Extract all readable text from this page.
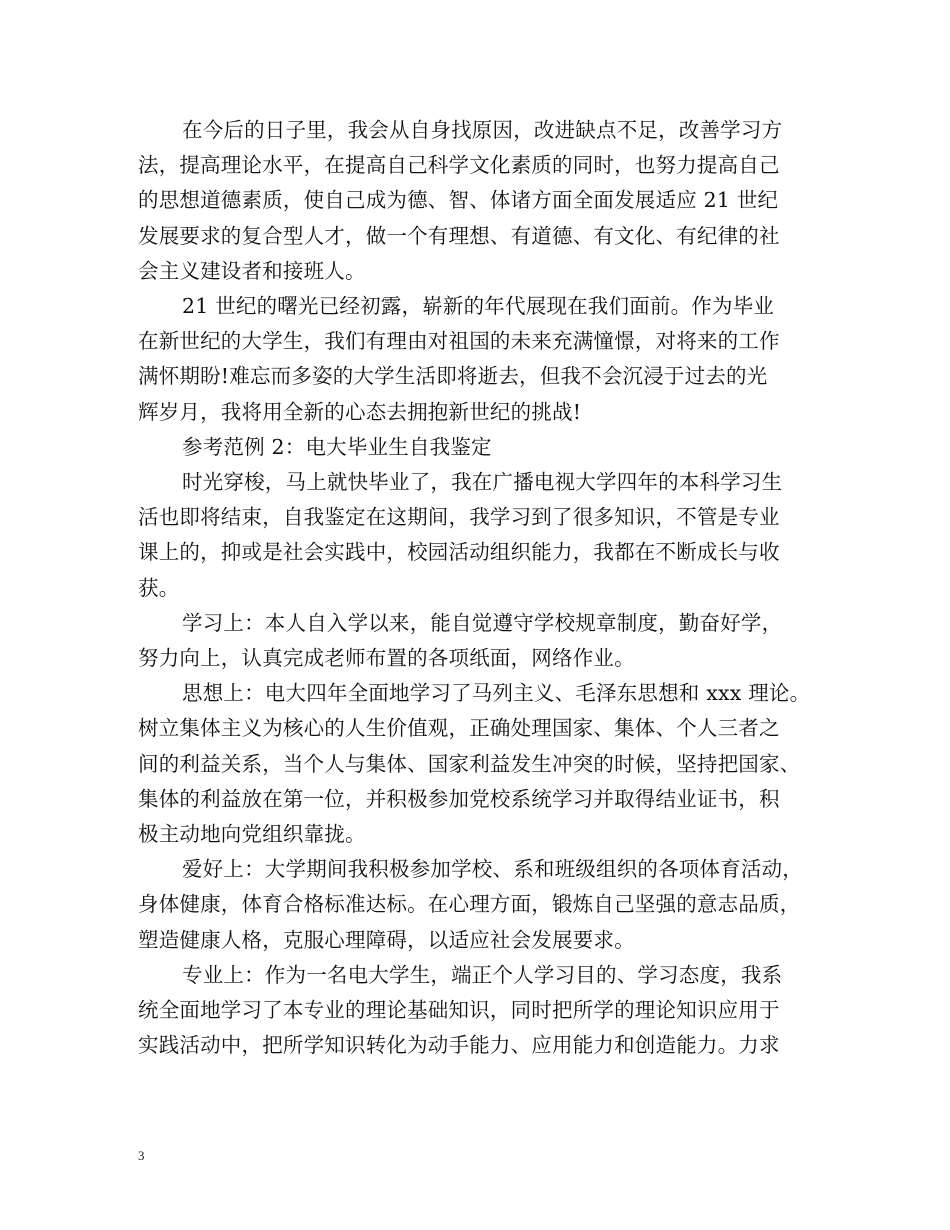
在今后的日子里，我会从自身找原因，改进缺点不足，改善学习方
法，提高理论水平，在提高自己科学文化素质的同时，也努力提高自己
的思想道德素质，使自己成为德、智、体诸方面全面发展适应 21 世纪
发展要求的复合型人才，做一个有理想、有道德、有文化、有纪律的社
会主义建设者和接班人。

21 世纪的曙光已经初露，崭新的年代展现在我们面前。作为毕业
在新世纪的大学生，我们有理由对祖国的未来充满憧憬，对将来的工作
满怀期盼!难忘而多姿的大学生活即将逝去，但我不会沉浸于过去的光
辉岁月，我将用全新的心态去拥抱新世纪的挑战!

参考范例 2：电大毕业生自我鉴定

时光穿梭，马上就快毕业了，我在广播电视大学四年的本科学习生
活也即将结束，自我鉴定在这期间，我学习到了很多知识，不管是专业
课上的，抑或是社会实践中，校园活动组织能力，我都在不断成长与收
获。

学习上：本人自入学以来，能自觉遵守学校规章制度，勤奋好学，
努力向上，认真完成老师布置的各项纸面，网络作业。

思想上：电大四年全面地学习了马列主义、毛泽东思想和 xxx 理论。
树立集体主义为核心的人生价值观，正确处理国家、集体、个人三者之
间的利益关系，当个人与集体、国家利益发生冲突的时候，坚持把国家、
集体的利益放在第一位，并积极参加党校系统学习并取得结业证书，积
极主动地向党组织靠拢。

爱好上：大学期间我积极参加学校、系和班级组织的各项体育活动，
身体健康，体育合格标准达标。在心理方面，锻炼自己坚强的意志品质，
塑造健康人格，克服心理障碍，以适应社会发展要求。

专业上：作为一名电大学生，端正个人学习目的、学习态度，我系
统全面地学习了本专业的理论基础知识，同时把所学的理论知识应用于
实践活动中，把所学知识转化为动手能力、应用能力和创造能力。力求

3
